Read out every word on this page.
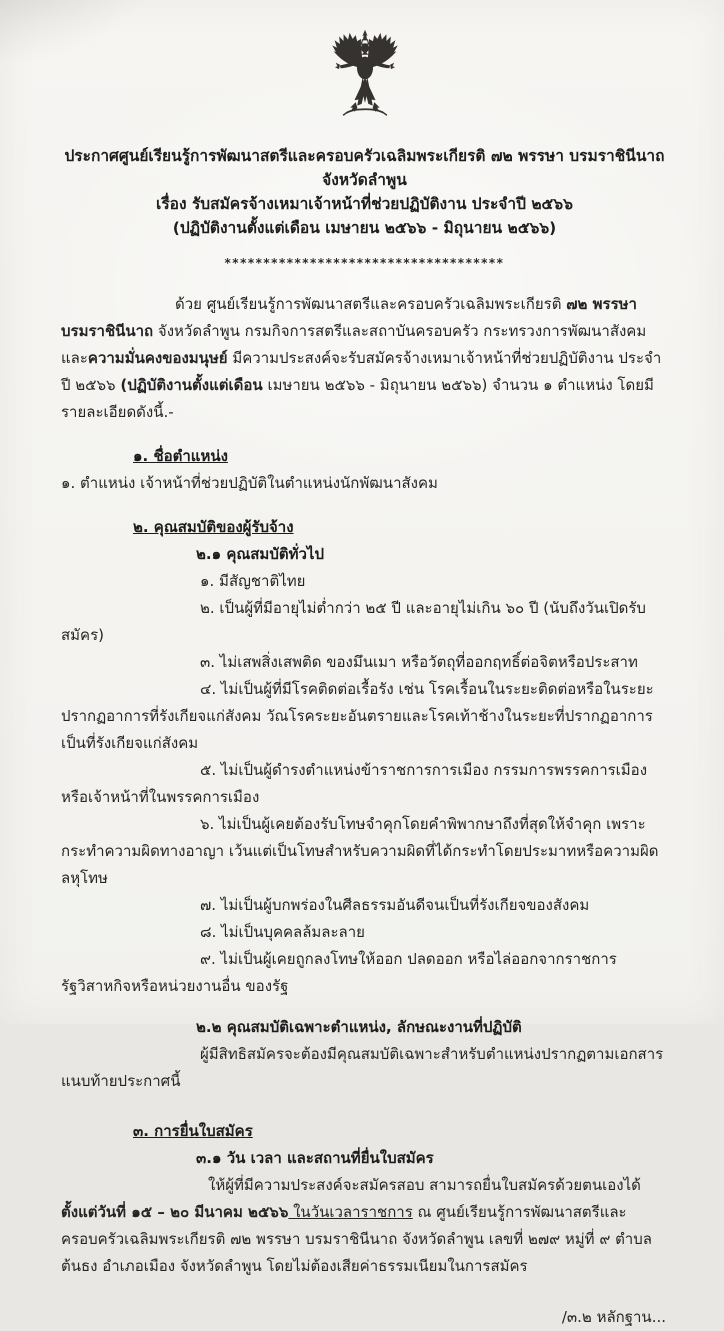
ประกาศศูนย์เรียนรู้การพัฒนาสตรีและครอบครัวเฉลิมพระเกียรติ ๗๒ พรรษา บรมราชินีนาถ จังหวัดลำพูน
เรื่อง รับสมัครจ้างเหมาเจ้าหน้าที่ช่วยปฏิบัติงาน ประจำปี ๒๕๖๖
(ปฏิบัติงานตั้งแต่เดือน เมษายน ๒๕๖๖ - มิถุนายน ๒๕๖๖)
************************************

ด้วย ศูนย์เรียนรู้การพัฒนาสตรีและครอบครัวเฉลิมพระเกียรติ ๗๒ พรรษา บรมราชินีนาถ จังหวัดลำพูน กรมกิจการสตรีและสถาบันครอบครัว กระทรวงการพัฒนาสังคมและความมั่นคงของมนุษย์ มีความประสงค์จะรับสมัครจ้างเหมาเจ้าหน้าที่ช่วยปฏิบัติงาน ประจำปี ๒๕๖๖ (ปฏิบัติงานตั้งแต่เดือน เมษายน ๒๕๖๖ - มิถุนายน ๒๕๖๖) จำนวน ๑ ตำแหน่ง โดยมีรายละเอียดดังนี้.-

๑. ชื่อตำแหน่ง

๑. ตำแหน่ง เจ้าหน้าที่ช่วยปฏิบัติในตำแหน่งนักพัฒนาสังคม

๒. คุณสมบัติของผู้รับจ้าง
๒.๑ คุณสมบัติทั่วไป

๑. มีสัญชาติไทย

๒. เป็นผู้ที่มีอายุไม่ต่ำกว่า ๒๕ ปี และอายุไม่เกิน ๖๐ ปี (นับถึงวันเปิดรับสมัคร)

๓. ไม่เสพสิ่งเสพติด ของมึนเมา หรือวัตถุที่ออกฤทธิ์ต่อจิตหรือประสาท

๔. ไม่เป็นผู้ที่มีโรคติดต่อเรื้อรัง เช่น โรคเรื้อนในระยะติดต่อหรือในระยะปรากฏอาการที่รังเกียจแก่สังคม วัณโรคระยะอันตรายและโรคเท้าช้างในระยะที่ปรากฏอาการเป็นที่รังเกียจแก่สังคม

๕. ไม่เป็นผู้ดำรงตำแหน่งข้าราชการการเมือง กรรมการพรรคการเมือง หรือเจ้าหน้าที่ในพรรคการเมือง

๖. ไม่เป็นผู้เคยต้องรับโทษจำคุกโดยคำพิพากษาถึงที่สุดให้จำคุก เพราะกระทำความผิดทางอาญา เว้นแต่เป็นโทษสำหรับความผิดที่ได้กระทำโดยประมาทหรือความผิดลหุโทษ

๗. ไม่เป็นผู้บกพร่องในศีลธรรมอันดีจนเป็นที่รังเกียจของสังคม

๘. ไม่เป็นบุคคลล้มละลาย

๙. ไม่เป็นผู้เคยถูกลงโทษให้ออก ปลดออก หรือไล่ออกจากราชการ รัฐวิสาหกิจหรือหน่วยงานอื่น ของรัฐ

๒.๒ คุณสมบัติเฉพาะตำแหน่ง, ลักษณะงานที่ปฏิบัติ

ผู้มีสิทธิสมัครจะต้องมีคุณสมบัติเฉพาะสำหรับตำแหน่งปรากฏตามเอกสารแนบท้ายประกาศนี้

๓. การยื่นใบสมัคร
๓.๑ วัน เวลา และสถานที่ยื่นใบสมัคร

ให้ผู้ที่มีความประสงค์จะสมัครสอบ สามารถยื่นใบสมัครด้วยตนเองได้ ตั้งแต่วันที่ ๑๕ – ๒๐ มีนาคม ๒๕๖๖ ในวันเวลาราชการ ณ ศูนย์เรียนรู้การพัฒนาสตรีและครอบครัวเฉลิมพระเกียรติ ๗๒ พรรษา บรมราชินีนาถ จังหวัดลำพูน เลขที่ ๒๗๙ หมู่ที่ ๙ ตำบลต้นธง อำเภอเมือง จังหวัดลำพูน โดยไม่ต้องเสียค่าธรรมเนียมในการสมัคร

/๓.๒ หลักฐาน...
